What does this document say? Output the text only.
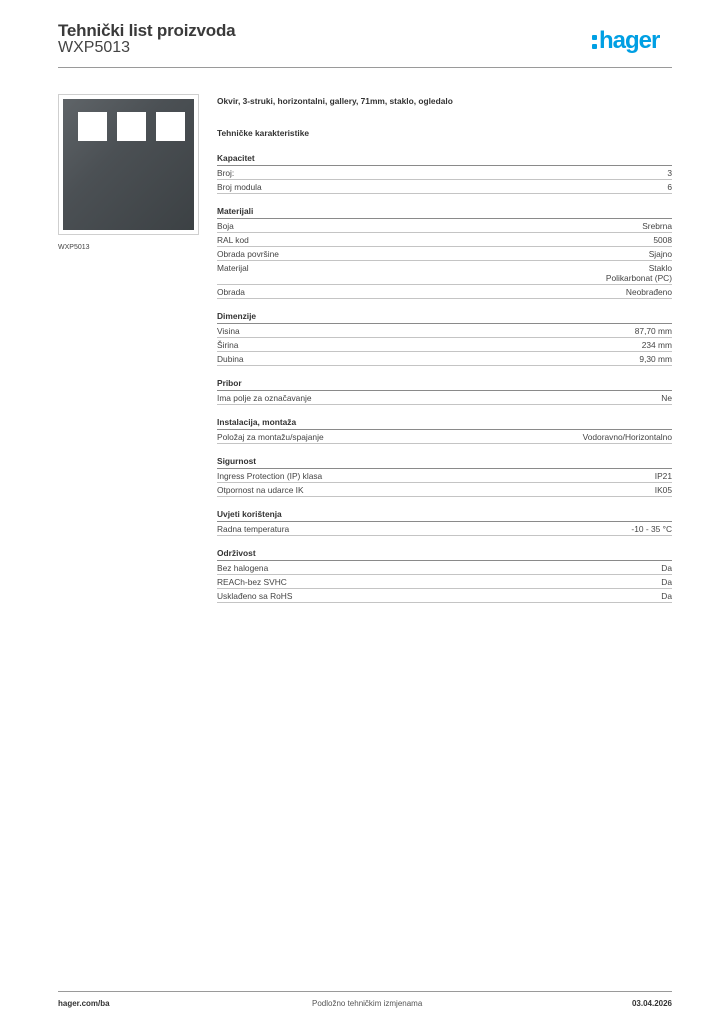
Tehnički list proizvoda
WXP5013	hager
WXP5013
Okvir, 3-struki, horizontalni, gallery, 71mm, staklo, ogledalo
Tehničke karakteristike
Kapacitet
Broj:	3
Broj modula	6
Materijali
Boja	Srebrna
RAL kod	5008
Obrada površine	Sjajno
Materijal	Staklo
Polikarbonat (PC)
Obrada	Neobrađeno
Dimenzije
Visina	87,70 mm
Širina	234 mm
Dubina	9,30 mm
Pribor
Ima polje za označavanje	Ne
Instalacija, montaža
Položaj za montažu/spajanje	Vodoravno/Horizontalno
Sigurnost
Ingress Protection (IP) klasa	IP21
Otpornost na udarce IK	IK05
Uvjeti korištenja
Radna temperatura	-10 - 35 °C
Održivost
Bez halogena	Da
REACh-bez SVHC	Da
Usklađeno sa RoHS	Da
hager.com/ba	Podložno tehničkim izmjenama	03.04.2026
